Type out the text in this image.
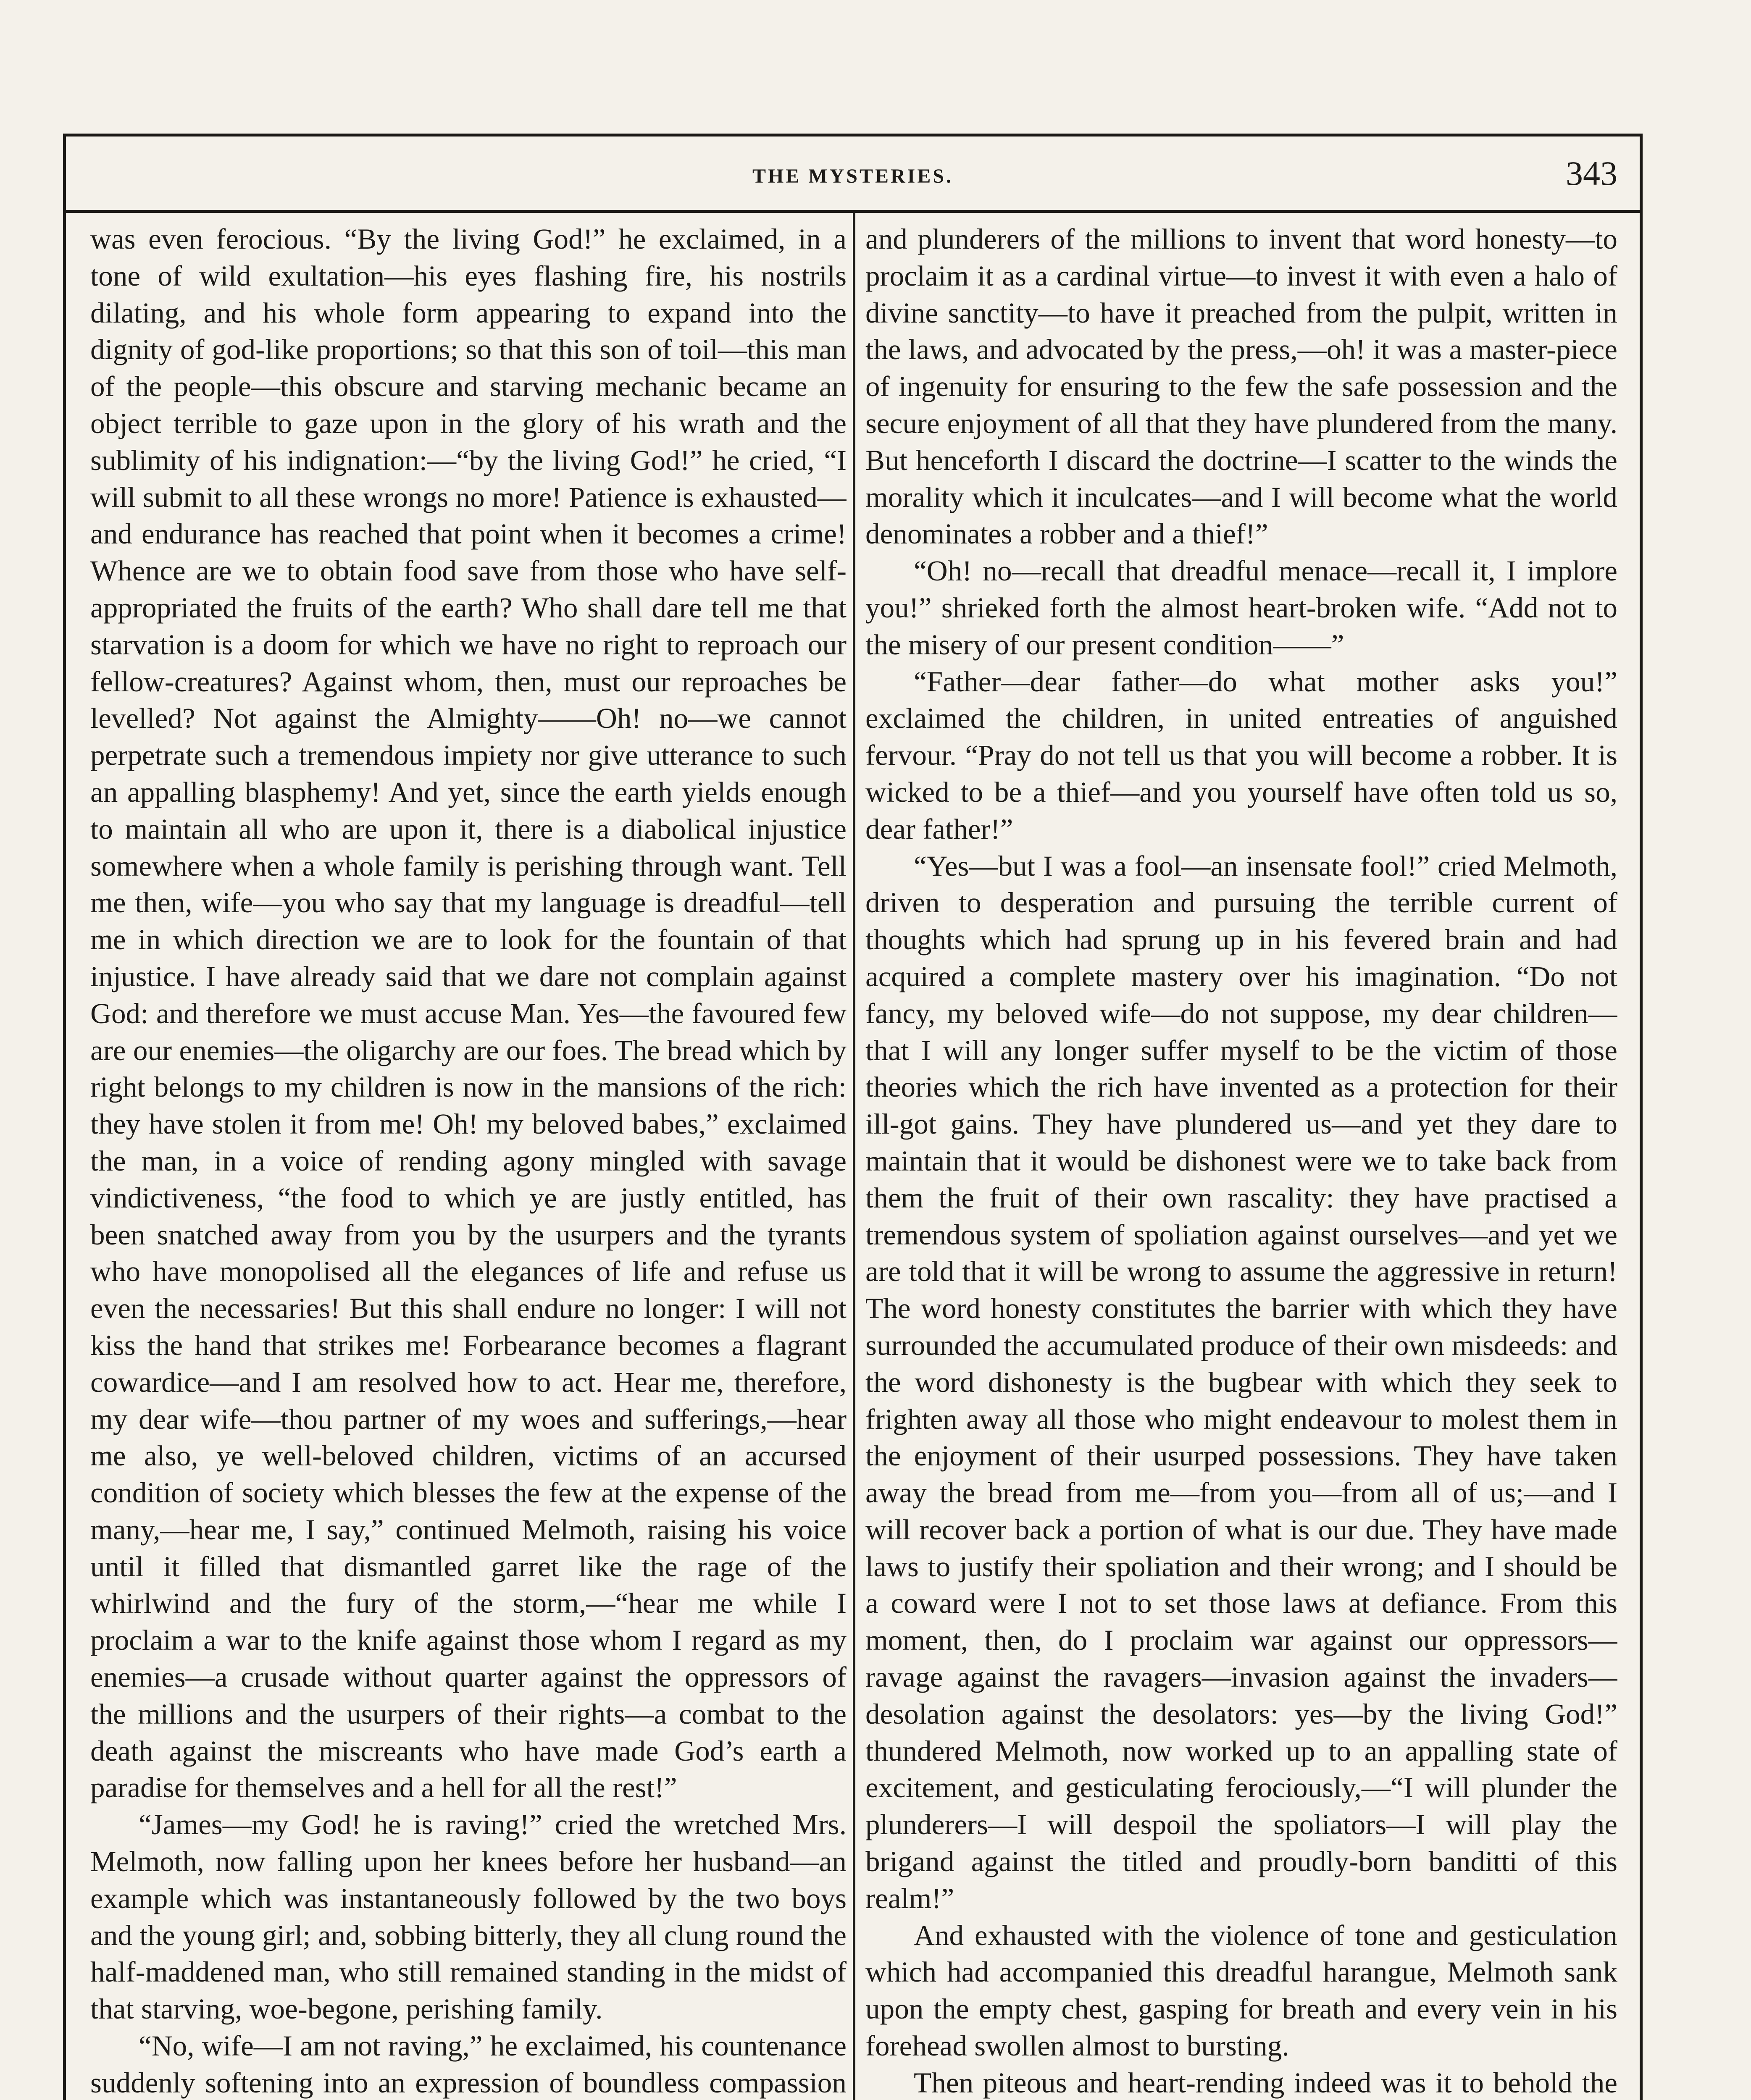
THE MYSTERIES.	343

was even ferocious. “By the living God!” he exclaimed, in a tone of wild exultation—his eyes flashing fire, his nostrils dilating, and his whole form appearing to expand into the dignity of god-like proportions; so that this son of toil—this man of the people—this obscure and starving mechanic became an object terrible to gaze upon in the glory of his wrath and the sublimity of his indignation:—“by the living God!” he cried, “I will submit to all these wrongs no more! Patience is exhausted—and endurance has reached that point when it becomes a crime! Whence are we to obtain food save from those who have self-appropriated the fruits of the earth? Who shall dare tell me that starvation is a doom for which we have no right to reproach our fellow-creatures? Against whom, then, must our reproaches be levelled? Not against the Almighty——Oh! no—we cannot perpetrate such a tremendous impiety nor give utterance to such an appalling blasphemy! And yet, since the earth yields enough to maintain all who are upon it, there is a diabolical injustice somewhere when a whole family is perishing through want. Tell me then, wife—you who say that my language is dreadful—tell me in which direction we are to look for the fountain of that injustice. I have already said that we dare not complain against God: and therefore we must accuse Man. Yes—the favoured few are our enemies—the oligarchy are our foes. The bread which by right belongs to my children is now in the mansions of the rich: they have stolen it from me! Oh! my beloved babes,” exclaimed the man, in a voice of rending agony mingled with savage vindictiveness, “the food to which ye are justly entitled, has been snatched away from you by the usurpers and the tyrants who have monopolised all the elegances of life and refuse us even the necessaries! But this shall endure no longer: I will not kiss the hand that strikes me! Forbearance becomes a flagrant cowardice—and I am resolved how to act. Hear me, therefore, my dear wife—thou partner of my woes and sufferings,—hear me also, ye well-beloved children, victims of an accursed condition of society which blesses the few at the expense of the many,—hear me, I say,” continued Melmoth, raising his voice until it filled that dismantled garret like the rage of the whirlwind and the fury of the storm,—“hear me while I proclaim a war to the knife against those whom I regard as my enemies—a crusade without quarter against the oppressors of the millions and the usurpers of their rights—a combat to the death against the miscreants who have made God’s earth a paradise for themselves and a hell for all the rest!”

“James—my God! he is raving!” cried the wretched Mrs. Melmoth, now falling upon her knees before her husband—an example which was instantaneously followed by the two boys and the young girl; and, sobbing bitterly, they all clung round the half-maddened man, who still remained standing in the midst of that starving, woe-begone, perishing family.

“No, wife—I am not raving,” he exclaimed, his countenance suddenly softening into an expression of boundless compassion

and plunderers of the millions to invent that word honesty—to proclaim it as a cardinal virtue—to invest it with even a halo of divine sanctity—to have it preached from the pulpit, written in the laws, and advocated by the press,—oh! it was a master-piece of ingenuity for ensuring to the few the safe possession and the secure enjoyment of all that they have plundered from the many. But henceforth I discard the doctrine—I scatter to the winds the morality which it inculcates—and I will become what the world denominates a robber and a thief!”

“Oh! no—recall that dreadful menace—recall it, I implore you!” shrieked forth the almost heart-broken wife. “Add not to the misery of our present condition——”

“Father—dear father—do what mother asks you!” exclaimed the children, in united entreaties of anguished fervour. “Pray do not tell us that you will become a robber. It is wicked to be a thief—and you yourself have often told us so, dear father!”

“Yes—but I was a fool—an insensate fool!” cried Melmoth, driven to desperation and pursuing the terrible current of thoughts which had sprung up in his fevered brain and had acquired a complete mastery over his imagination. “Do not fancy, my beloved wife—do not suppose, my dear children—that I will any longer suffer myself to be the victim of those theories which the rich have invented as a protection for their ill-got gains. They have plundered us—and yet they dare to maintain that it would be dishonest were we to take back from them the fruit of their own rascality: they have practised a tremendous system of spoliation against ourselves—and yet we are told that it will be wrong to assume the aggressive in return! The word honesty constitutes the barrier with which they have surrounded the accumulated produce of their own misdeeds: and the word dishonesty is the bugbear with which they seek to frighten away all those who might endeavour to molest them in the enjoyment of their usurped possessions. They have taken away the bread from me—from you—from all of us;—and I will recover back a portion of what is our due. They have made laws to justify their spoliation and their wrong; and I should be a coward were I not to set those laws at defiance. From this moment, then, do I proclaim war against our oppressors—ravage against the ravagers—invasion against the invaders—desolation against the desolators: yes—by the living God!” thundered Melmoth, now worked up to an appalling state of excitement, and gesticulating ferociously,—“I will plunder the plunderers—I will despoil the spoliators—I will play the brigand against the titled and proudly-born banditti of this realm!”

And exhausted with the violence of tone and gesticulation which had accompanied this dreadful harangue, Melmoth sank upon the empty chest, gasping for breath and every vein in his forehead swollen almost to bursting.

Then piteous and heart-rending indeed was it to behold the
